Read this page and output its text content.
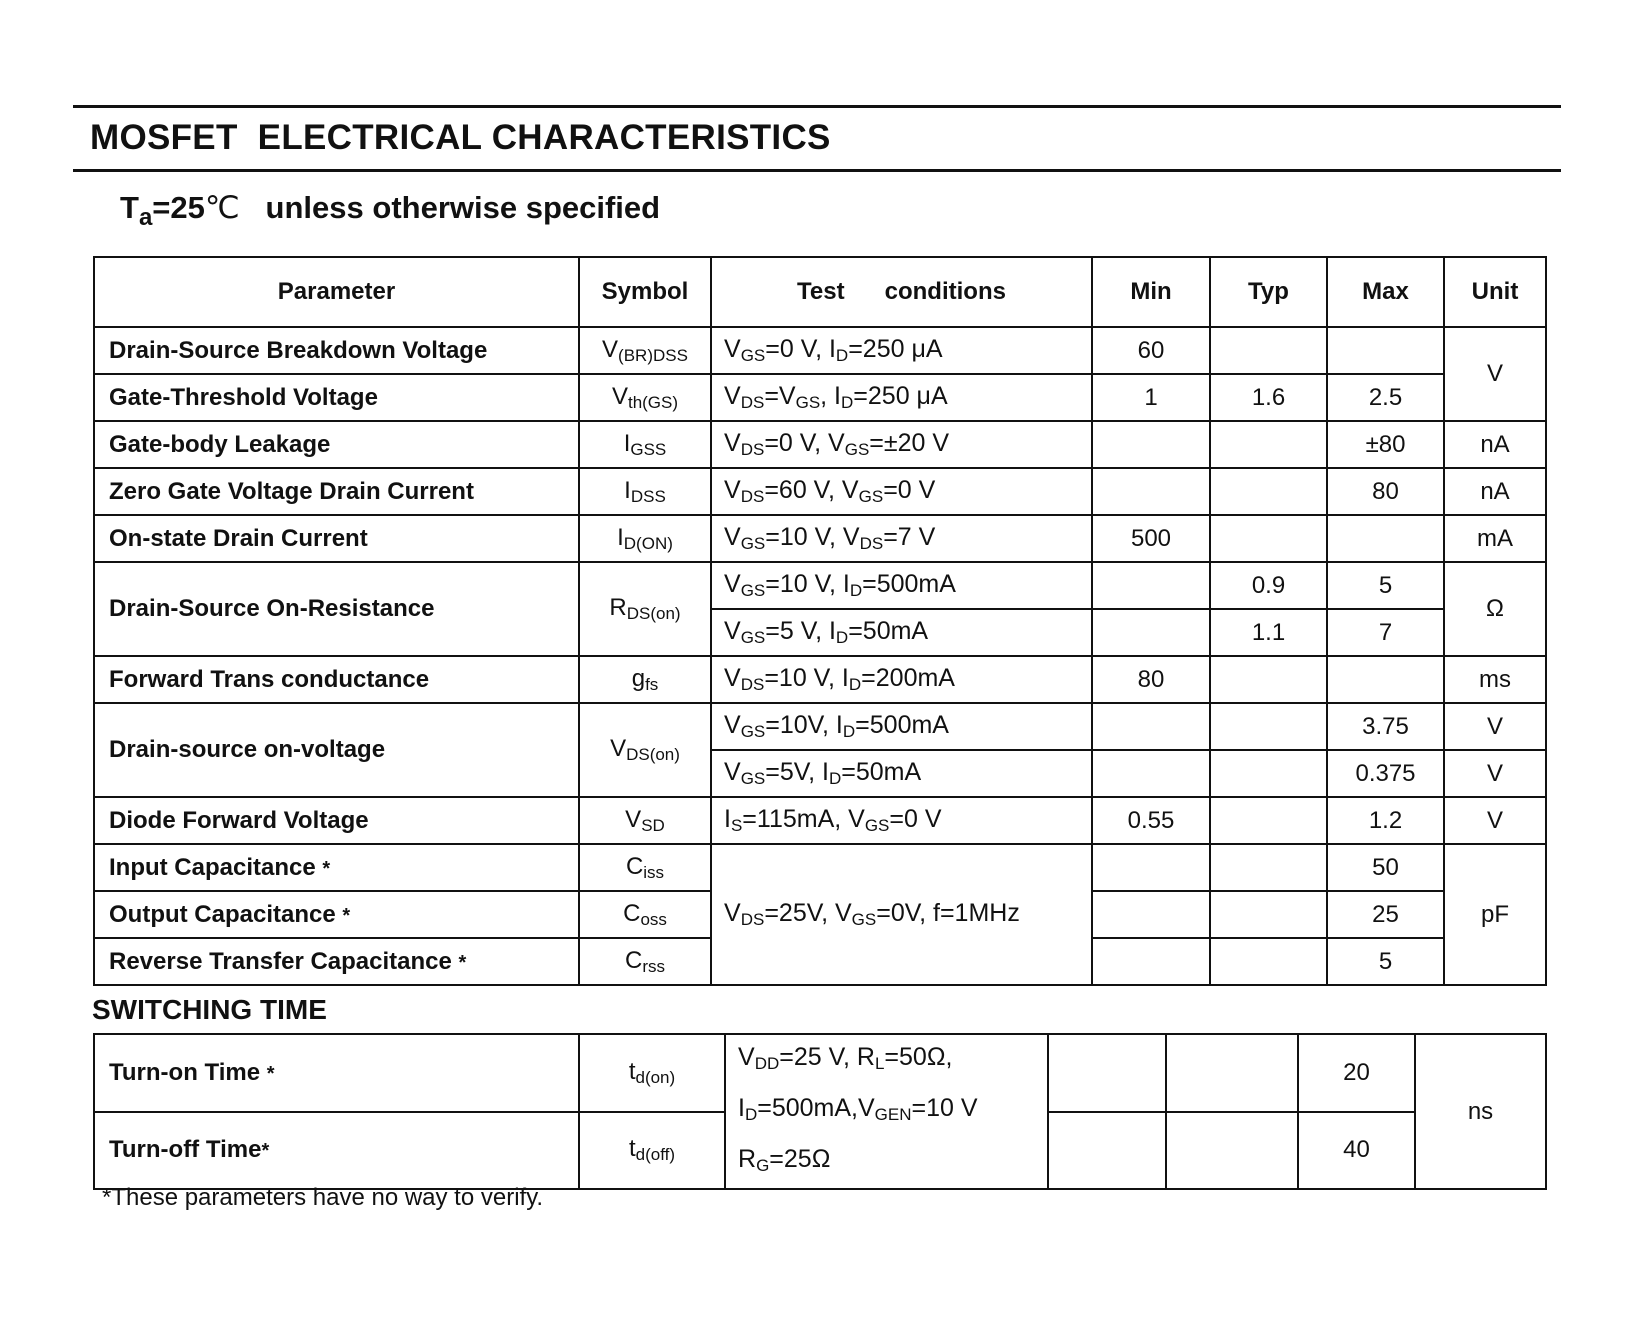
MOSFET  ELECTRICAL CHARACTERISTICS
$T_a=25℃$   unless otherwise specified
Parameter	Symbol	Test      conditions	Min	Typ	Max	Unit
Drain-Source Breakdown Voltage	$V_{(BR)DSS}$	$V_{GS}=0$ V, $I_D=250$ μA	60			V
Gate-Threshold Voltage	$V_{th(GS)}$	$V_{DS}=V_{GS}$, $I_D=250$ μA	1	1.6	2.5	
Gate-body Leakage	$I_{GSS}$	$V_{DS}=0$ V, $V_{GS}=\pm 20$ V			±80	nA
Zero Gate Voltage Drain Current	$I_{DSS}$	$V_{DS}=60$ V, $V_{GS}=0$ V			80	nA
On-state Drain Current	$I_{D(ON)}$	$V_{GS}=10$ V, $V_{DS}=7$ V	500			mA
Drain-Source On-Resistance	$R_{DS(on)}$	$V_{GS}=10$ V, $I_D=500mA$		0.9	5	Ω
		$V_{GS}=5$ V, $I_D=50mA$		1.1	7	
Forward Trans conductance	$g_{fs}$	$V_{DS}=10$ V, $I_D=200mA$	80			ms
Drain-source on-voltage	$V_{DS(on)}$	$V_{GS}=10V$, $I_D=500mA$			3.75	V
		$V_{GS}=5V$, $I_D=50mA$			0.375	V
Diode Forward Voltage	$V_{SD}$	$I_S=115mA$, $V_{GS}=0$ V	0.55		1.2	V
Input Capacitance *	$C_{iss}$	$V_{DS}=25V$, $V_{GS}=0V$, f=1MHz			50	pF
Output Capacitance *	$C_{oss}$				25	
Reverse Transfer Capacitance *	$C_{rss}$				5	
SWITCHING TIME
Turn-on Time *	$t_{d(on)}$	$V_{DD}=25$ V, $R_L=50\Omega$,
$I_D=500mA,V_{GEN}=10$ V
$R_G=25\Omega$			20	ns
Turn-off Time*	$t_{d(off)}$				40	
*These parameters have no way to verify.
